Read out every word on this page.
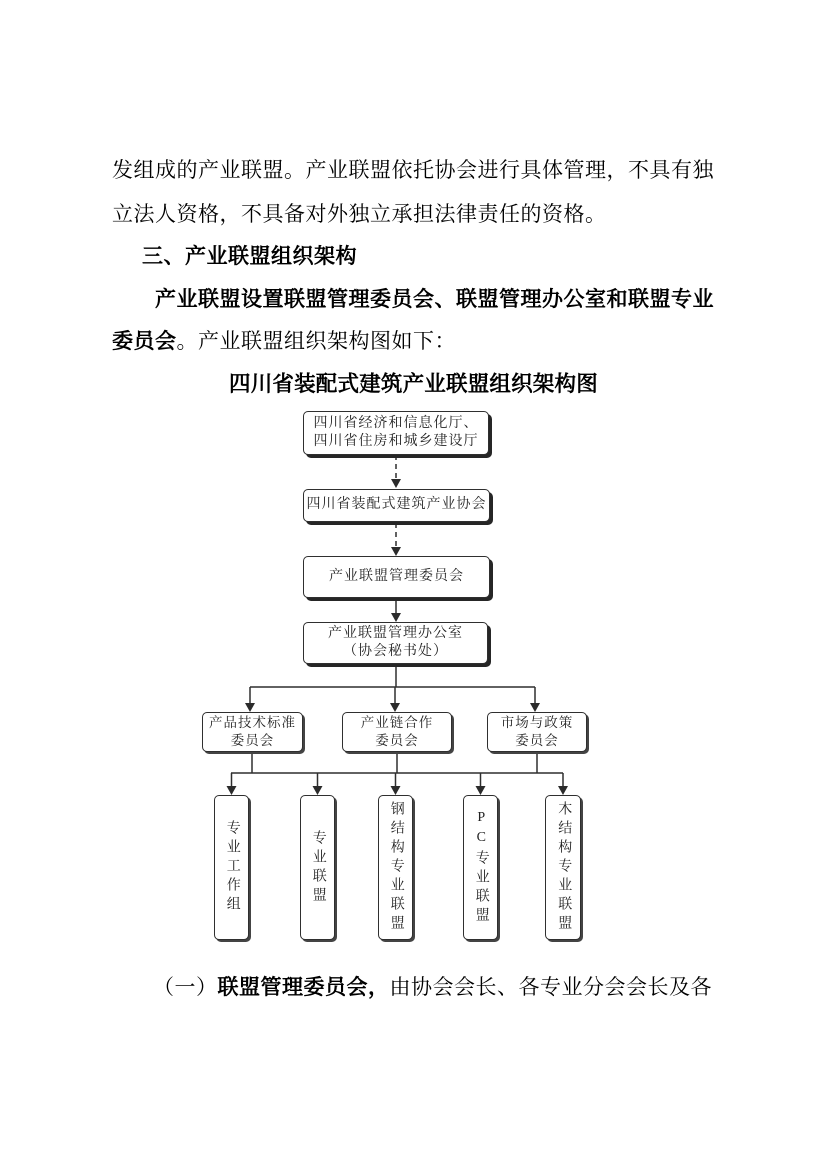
发组成的产业联盟。产业联盟依托协会进行具体管理，不具有独
立法人资格，不具备对外独立承担法律责任的资格。
三、产业联盟组织架构
产业联盟设置联盟管理委员会、联盟管理办公室和联盟专业
委员会。产业联盟组织架构图如下：
四川省装配式建筑产业联盟组织架构图
四川省经济和信息化厅、
四川省住房和城乡建设厅
四川省装配式建筑产业协会
产业联盟管理委员会
产业联盟管理办公室
（协会秘书处）
产品技术标准
委员会
产业链合作
委员会
市场与政策
委员会
专业工作组	专业联盟	钢结构专业联盟	PC专业联盟	木结构专业联盟
（一）联盟管理委员会，由协会会长、各专业分会会长及各
